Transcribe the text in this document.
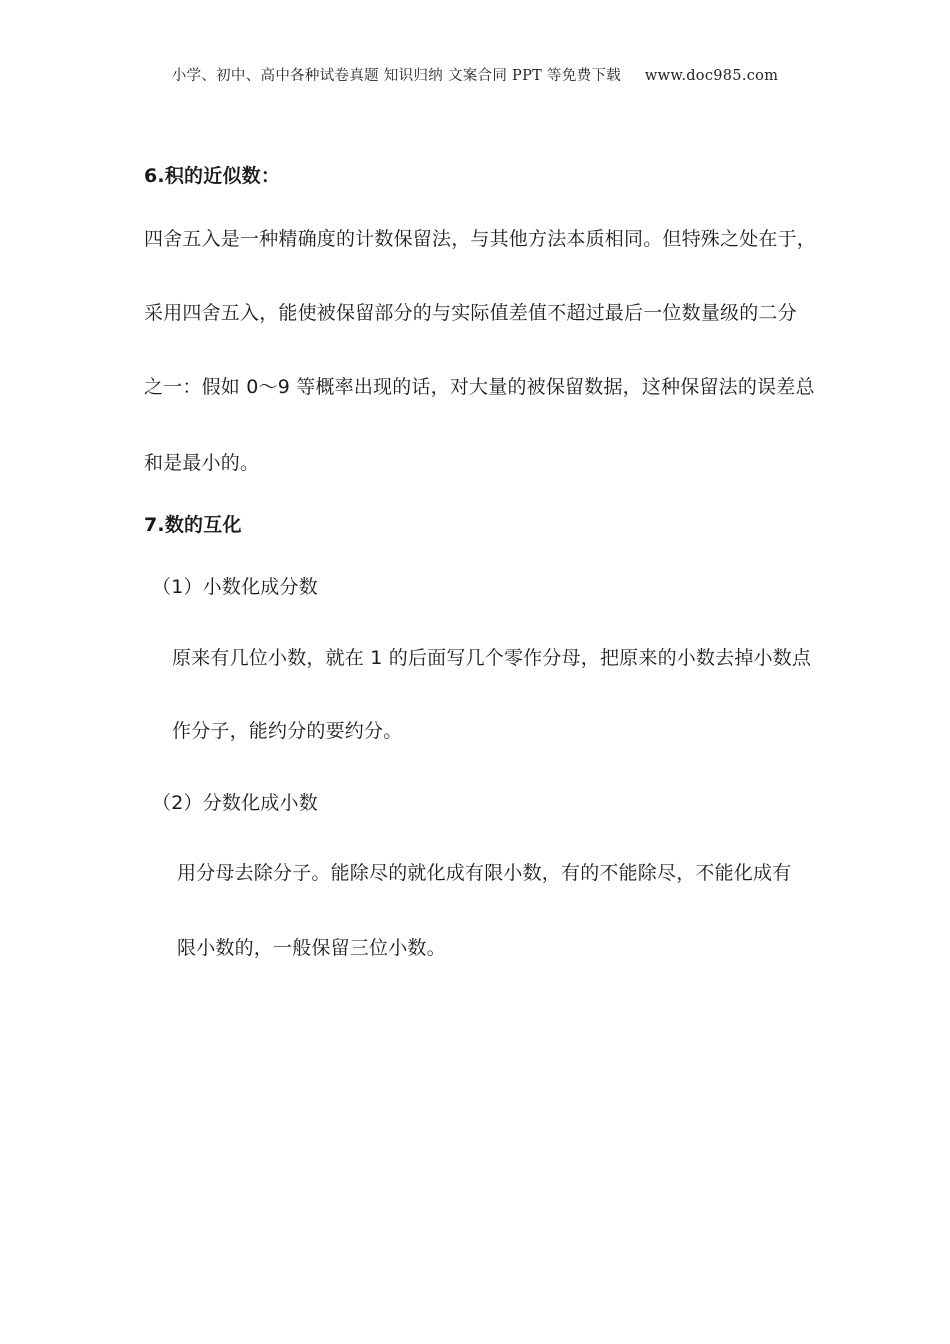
小学、初中、高中各种试卷真题 知识归纳 文案合同 PPT 等免费下载 www.doc985.com
6.积的近似数：
四舍五入是一种精确度的计数保留法，与其他方法本质相同。但特殊之处在于，
采用四舍五入，能使被保留部分的与实际值差值不超过最后一位数量级的二分
之一：假如 0～9 等概率出现的话，对大量的被保留数据，这种保留法的误差总
和是最小的。
7.数的互化
（1）小数化成分数
原来有几位小数，就在 1 的后面写几个零作分母，把原来的小数去掉小数点
作分子，能约分的要约分。
（2）分数化成小数
用分母去除分子。能除尽的就化成有限小数，有的不能除尽，不能化成有
限小数的，一般保留三位小数。
